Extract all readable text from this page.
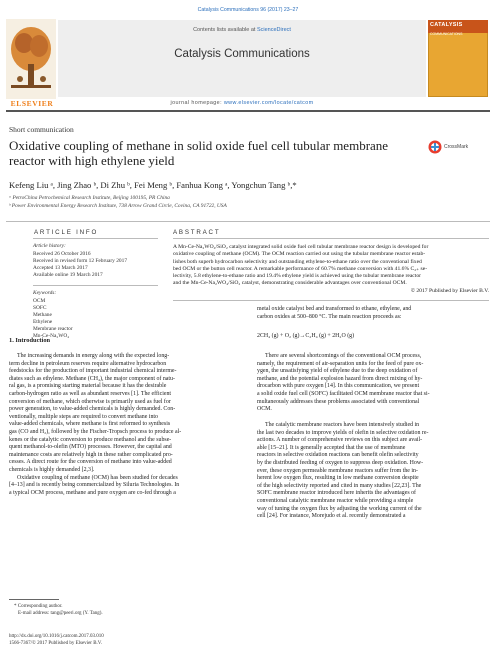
Catalysis Communications 96 (2017) 23–27
ELSEVIER
Contents lists available at ScienceDirect
Catalysis Communications
journal homepage: www.elsevier.com/locate/catcom
CATALYSIS
COMMUNICATIONS
Short communication
Oxidative coupling of methane in solid oxide fuel cell tubular membrane reactor with high ethylene yield
CrossMark
Kefeng Liu ᵃ, Jing Zhao ᵇ, Di Zhu ᵇ, Fei Meng ᵇ, Fanhua Kong ᵃ, Yongchun Tang ᵇ,*
ᵃ PetroChina Petrochemical Research Institute, Beijing 100195, PR China
ᵇ Power Environmental Energy Research Institute, 738 Arrow Grand Circle, Covina, CA 91722, USA
ARTICLE INFO
Article history:
Received 26 October 2016
Received in revised form 12 February 2017
Accepted 13 March 2017
Available online 19 March 2017
Keywords:
OCM
SOFC
Methane
Ethylene
Membrane reactor
Mn-Ce-Na₂WO₄
ABSTRACT
A Mn-Ce-Na₂WO₄/SiO₂ catalyst integrated solid oxide fuel cell tubular membrane reactor design is developed for
oxidative coupling of methane (OCM). The OCM reaction carried out using the tubular membrane reactor estab-
lishes both superb hydrocarbon selectivity and outstanding ethylene-to-ethane ratio over the conventional fixed
bed OCM or the button cell reactor. A remarkable performance of 60.7% methane conversion with 41.6% C₂₊ se-
lectivity, 5.8 ethylene-to-ethane ratio and 19.4% ethylene yield is achieved using the tubular membrane reactor
and the Mn-Ce-Na₂WO₄/SiO₂ catalyst, demonstrating considerable advantages over conventional OCM.
© 2017 Published by Elsevier B.V.
1. Introduction
The increasing demands in energy along with the expected long-
term decline in petroleum reserves require alternative hydrocarbon
feedstocks for the production of important industrial chemical interme-
diates such as ethylene. Methane (CH₄), the major component of natu-
ral gas, is a promising starting material because it has the desirable
carbon-hydrogen ratio as well as abundant reserves [1]. The efficient
conversion of methane, which otherwise is primarily used as fuel for
power generation, to value-added chemicals is highly demanded. Con-
ventionally, multiple steps are required to convert methane into
value-added chemicals, where methane is first reformed to synthesis
gas (CO and H₂), followed by the Fischer-Tropsch process to produce al-
kenes or the catalytic conversion to produce methanol and the subse-
quent methanol-to-olefin (MTO) processes. However, the capital and
maintenance costs are relatively high in these rather complicated pro-
cesses. A direct route for the conversion of methane into value-added
chemicals is highly demanded [2,3].
Oxidative coupling of methane (OCM) has been studied for decades
[4–13] and is recently being commercialized by Siluria Technologies. In
a typical OCM process, methane and pure oxygen are co-fed through a
metal oxide catalyst bed and transformed to ethane, ethylene, and
carbon oxides at 500–800 °C. The main reaction proceeds as:
2CH₄ (g) + O₂ (g)→C₂H₄ (g) + 2H₂O (g)
There are several shortcomings of the conventional OCM process,
namely, the requirement of air-separation units for the feed of pure ox-
ygen, the unsatisfying yield of ethylene due to the deep oxidation of
methane, and the potential explosion hazard from direct mixing of hy-
drocarbon with pure oxygen [14]. In this communication, we present
a solid oxide fuel cell (SOFC) facilitated OCM membrane reactor that si-
multaneously addresses these problems associated with conventional
OCM.
The catalytic membrane reactors have been intensively studied in
the last two decades to improve yields of olefin in selective oxidation re-
actions. A number of comprehensive reviews on this subject are avail-
able [15–21]. It is generally accepted that the use of membrane
reactors in selective oxidation reactions can benefit olefin selectivity
by the distributed feeding of oxygen to suppress deep oxidation. How-
ever, these oxygen permeable membrane reactors suffer from the in-
herent low oxygen flux, resulting in low methane conversion despite
of the high selectivity reported and cited in many studies [22,23]. The
SOFC membrane reactor introduced here inherits the advantages of
conventional catalytic membrane reactor while providing a simple
way of tuning the oxygen flux by adjusting the working current of the
cell [24]. For instance, Morejudo et al. recently demonstrated a
* Corresponding author.
E-mail address: tang@peeri.org (Y. Tang).
http://dx.doi.org/10.1016/j.catcom.2017.03.010
1566-7367/© 2017 Published by Elsevier B.V.
